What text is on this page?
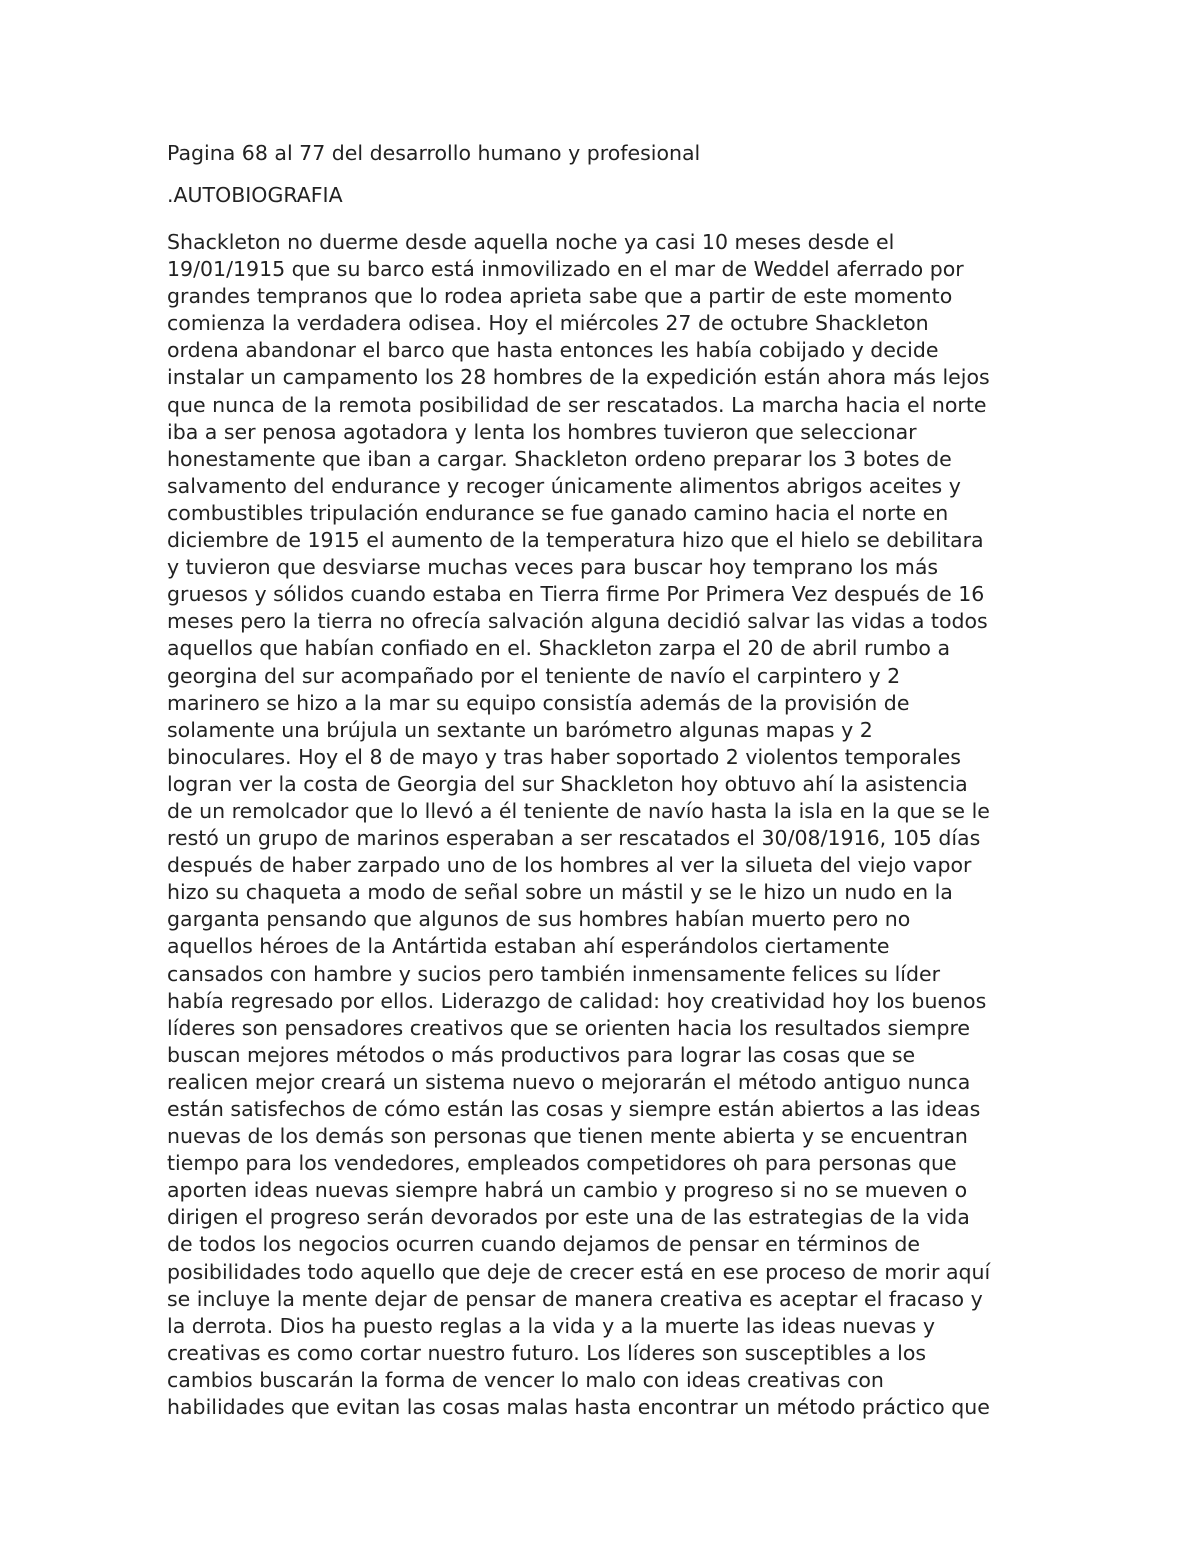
Pagina 68 al 77 del desarrollo humano y profesional

.AUTOBIOGRAFIA

Shackleton no duerme desde aquella noche ya casi 10 meses desde el
19/01/1915 que su barco está inmovilizado en el mar de Weddel aferrado por
grandes tempranos que lo rodea aprieta sabe que a partir de este momento
comienza la verdadera odisea. Hoy el miércoles 27 de octubre Shackleton
ordena abandonar el barco que hasta entonces les había cobijado y decide
instalar un campamento los 28 hombres de la expedición están ahora más lejos
que nunca de la remota posibilidad de ser rescatados. La marcha hacia el norte
iba a ser penosa agotadora y lenta los hombres tuvieron que seleccionar
honestamente que iban a cargar. Shackleton ordeno preparar los 3 botes de
salvamento del endurance y recoger únicamente alimentos abrigos aceites y
combustibles tripulación endurance se fue ganado camino hacia el norte en
diciembre de 1915 el aumento de la temperatura hizo que el hielo se debilitara
y tuvieron que desviarse muchas veces para buscar hoy temprano los más
gruesos y sólidos cuando estaba en Tierra firme Por Primera Vez después de 16
meses pero la tierra no ofrecía salvación alguna decidió salvar las vidas a todos
aquellos que habían confiado en el. Shackleton zarpa el 20 de abril rumbo a
georgina del sur acompañado por el teniente de navío el carpintero y 2
marinero se hizo a la mar su equipo consistía además de la provisión de
solamente una brújula un sextante un barómetro algunas mapas y 2
binoculares. Hoy el 8 de mayo y tras haber soportado 2 violentos temporales
logran ver la costa de Georgia del sur Shackleton hoy obtuvo ahí la asistencia
de un remolcador que lo llevó a él teniente de navío hasta la isla en la que se le
restó un grupo de marinos esperaban a ser rescatados el 30/08/1916, 105 días
después de haber zarpado uno de los hombres al ver la silueta del viejo vapor
hizo su chaqueta a modo de señal sobre un mástil y se le hizo un nudo en la
garganta pensando que algunos de sus hombres habían muerto pero no
aquellos héroes de la Antártida estaban ahí esperándolos ciertamente
cansados con hambre y sucios pero también inmensamente felices su líder
había regresado por ellos. Liderazgo de calidad: hoy creatividad hoy los buenos
líderes son pensadores creativos que se orienten hacia los resultados siempre
buscan mejores métodos o más productivos para lograr las cosas que se
realicen mejor creará un sistema nuevo o mejorarán el método antiguo nunca
están satisfechos de cómo están las cosas y siempre están abiertos a las ideas
nuevas de los demás son personas que tienen mente abierta y se encuentran
tiempo para los vendedores, empleados competidores oh para personas que
aporten ideas nuevas siempre habrá un cambio y progreso si no se mueven o
dirigen el progreso serán devorados por este una de las estrategias de la vida
de todos los negocios ocurren cuando dejamos de pensar en términos de
posibilidades todo aquello que deje de crecer está en ese proceso de morir aquí
se incluye la mente dejar de pensar de manera creativa es aceptar el fracaso y
la derrota. Dios ha puesto reglas a la vida y a la muerte las ideas nuevas y
creativas es como cortar nuestro futuro. Los líderes son susceptibles a los
cambios buscarán la forma de vencer lo malo con ideas creativas con
habilidades que evitan las cosas malas hasta encontrar un método práctico que
